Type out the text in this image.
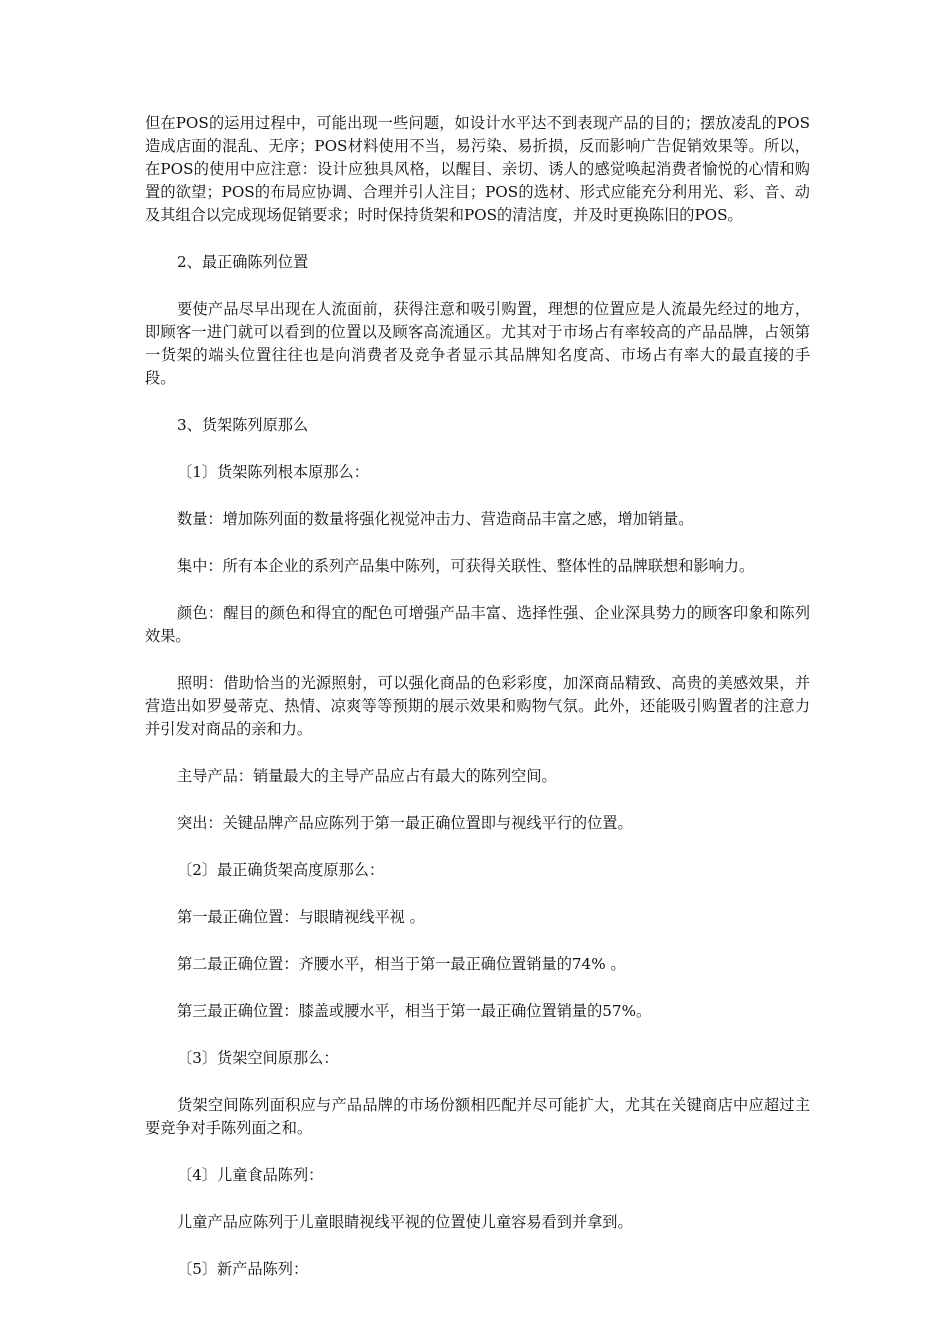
但在POS的运用过程中，可能出现一些问题，如设计水平达不到表现产品的目的；摆放凌乱的POS造成店面的混乱、无序；POS材料使用不当，易污染、易折损，反而影响广告促销效果等。所以，在POS的使用中应注意：设计应独具风格，以醒目、亲切、诱人的感觉唤起消费者愉悦的心情和购置的欲望；POS的布局应协调、合理并引人注目；POS的选材、形式应能充分利用光、彩、音、动及其组合以完成现场促销要求；时时保持货架和POS的清洁度，并及时更换陈旧的POS。

2、最正确陈列位置

要使产品尽早出现在人流面前，获得注意和吸引购置，理想的位置应是人流最先经过的地方，即顾客一进门就可以看到的位置以及顾客高流通区。尤其对于市场占有率较高的产品品牌，占领第一货架的端头位置往往也是向消费者及竞争者显示其品牌知名度高、市场占有率大的最直接的手段。

3、货架陈列原那么

〔1〕货架陈列根本原那么：

数量：增加陈列面的数量将强化视觉冲击力、营造商品丰富之感，增加销量。

集中：所有本企业的系列产品集中陈列，可获得关联性、整体性的品牌联想和影响力。

颜色：醒目的颜色和得宜的配色可增强产品丰富、选择性强、企业深具势力的顾客印象和陈列效果。

照明：借助恰当的光源照射，可以强化商品的色彩彩度，加深商品精致、高贵的美感效果，并营造出如罗曼蒂克、热情、凉爽等等预期的展示效果和购物气氛。此外，还能吸引购置者的注意力并引发对商品的亲和力。

主导产品：销量最大的主导产品应占有最大的陈列空间。

突出：关键品牌产品应陈列于第一最正确位置即与视线平行的位置。

〔2〕最正确货架高度原那么：

第一最正确位置：与眼睛视线平视 。

第二最正确位置：齐腰水平，相当于第一最正确位置销量的74% 。

第三最正确位置：膝盖或腰水平，相当于第一最正确位置销量的57%。

〔3〕货架空间原那么：

货架空间陈列面积应与产品品牌的市场份额相匹配并尽可能扩大，尤其在关键商店中应超过主要竞争对手陈列面之和。

〔4〕儿童食品陈列：

儿童产品应陈列于儿童眼睛视线平视的位置使儿童容易看到并拿到。

〔5〕新产品陈列：
